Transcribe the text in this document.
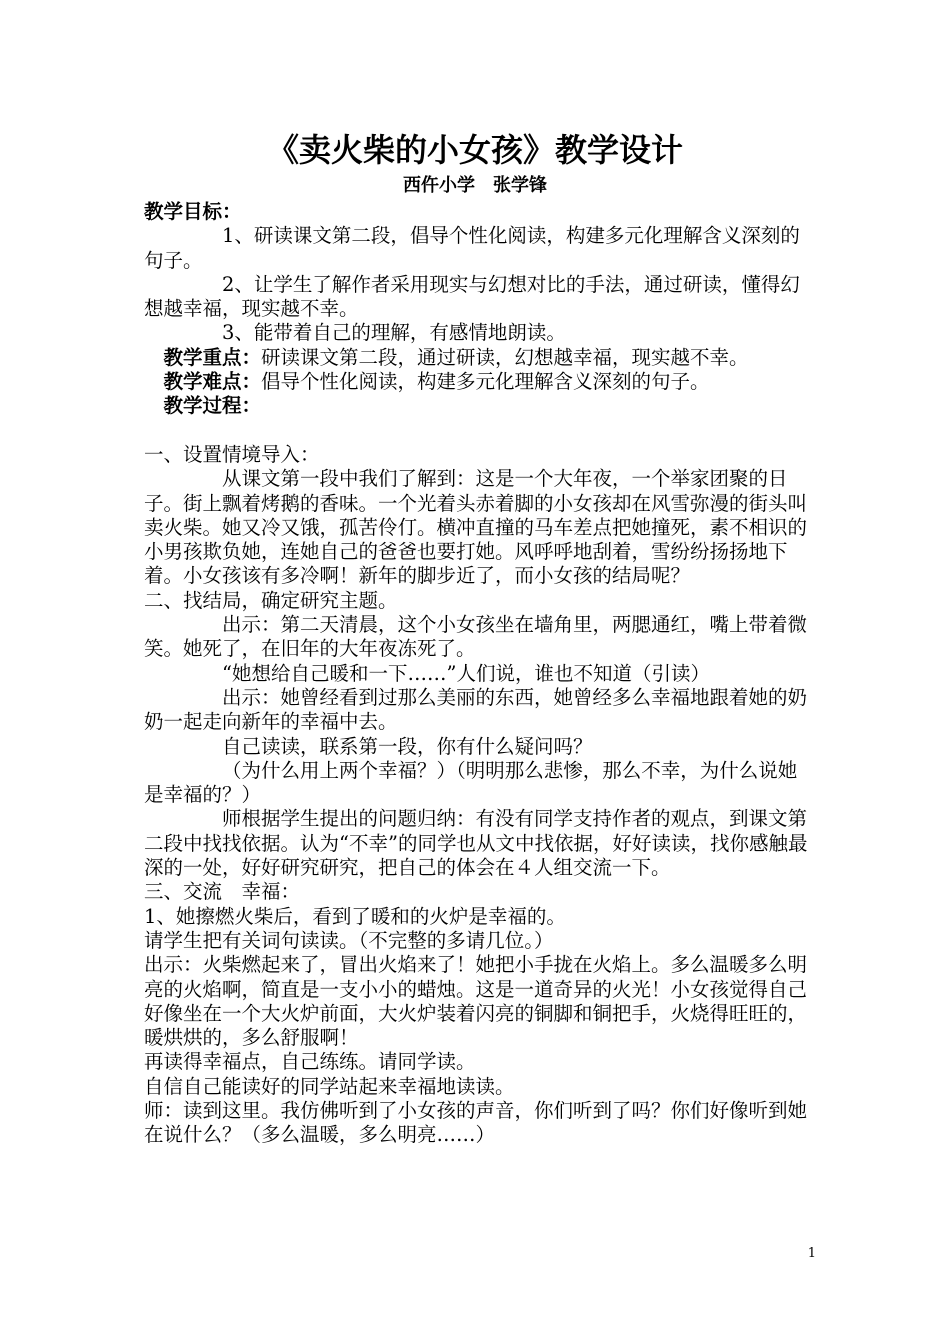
《卖火柴的小女孩》教学设计
西仵小学　张学锋

教学目标：

1、研读课文第二段，倡导个性化阅读，构建多元化理解含义深刻的句子。

2、让学生了解作者采用现实与幻想对比的手法，通过研读，懂得幻想越幸福，现实越不幸。

3、能带着自己的理解，有感情地朗读。

教学重点：研读课文第二段，通过研读，幻想越幸福，现实越不幸。

教学难点：倡导个性化阅读，构建多元化理解含义深刻的句子。

教学过程：

一、设置情境导入：

从课文第一段中我们了解到：这是一个大年夜，一个举家团聚的日子。街上飘着烤鹅的香味。一个光着头赤着脚的小女孩却在风雪弥漫的街头叫卖火柴。她又冷又饿，孤苦伶仃。横冲直撞的马车差点把她撞死，素不相识的小男孩欺负她，连她自己的爸爸也要打她。风呼呼地刮着，雪纷纷扬扬地下着。小女孩该有多冷啊！新年的脚步近了，而小女孩的结局呢？

二、找结局，确定研究主题。

出示：第二天清晨，这个小女孩坐在墙角里，两腮通红，嘴上带着微笑。她死了，在旧年的大年夜冻死了。

“她想给自己暖和一下……”人们说，谁也不知道（引读）

出示：她曾经看到过那么美丽的东西，她曾经多么幸福地跟着她的奶奶一起走向新年的幸福中去。

自己读读，联系第一段，你有什么疑问吗？

（为什么用上两个幸福？）（明明那么悲惨，那么不幸，为什么说她是幸福的？）

师根据学生提出的问题归纳：有没有同学支持作者的观点，到课文第二段中找找依据。认为“不幸”的同学也从文中找依据，好好读读，找你感触最深的一处，好好研究研究，把自己的体会在４人组交流一下。

三、交流　幸福：

1、她擦燃火柴后，看到了暖和的火炉是幸福的。

请学生把有关词句读读。（不完整的多请几位。）

出示：火柴燃起来了，冒出火焰来了！她把小手拢在火焰上。多么温暖多么明亮的火焰啊，简直是一支小小的蜡烛。这是一道奇异的火光！小女孩觉得自己好像坐在一个大火炉前面，大火炉装着闪亮的铜脚和铜把手，火烧得旺旺的，暖烘烘的，多么舒服啊！

再读得幸福点，自己练练。请同学读。

自信自己能读好的同学站起来幸福地读读。

师：读到这里。我仿佛听到了小女孩的声音，你们听到了吗？你们好像听到她在说什么？（多么温暖，多么明亮……）

1
